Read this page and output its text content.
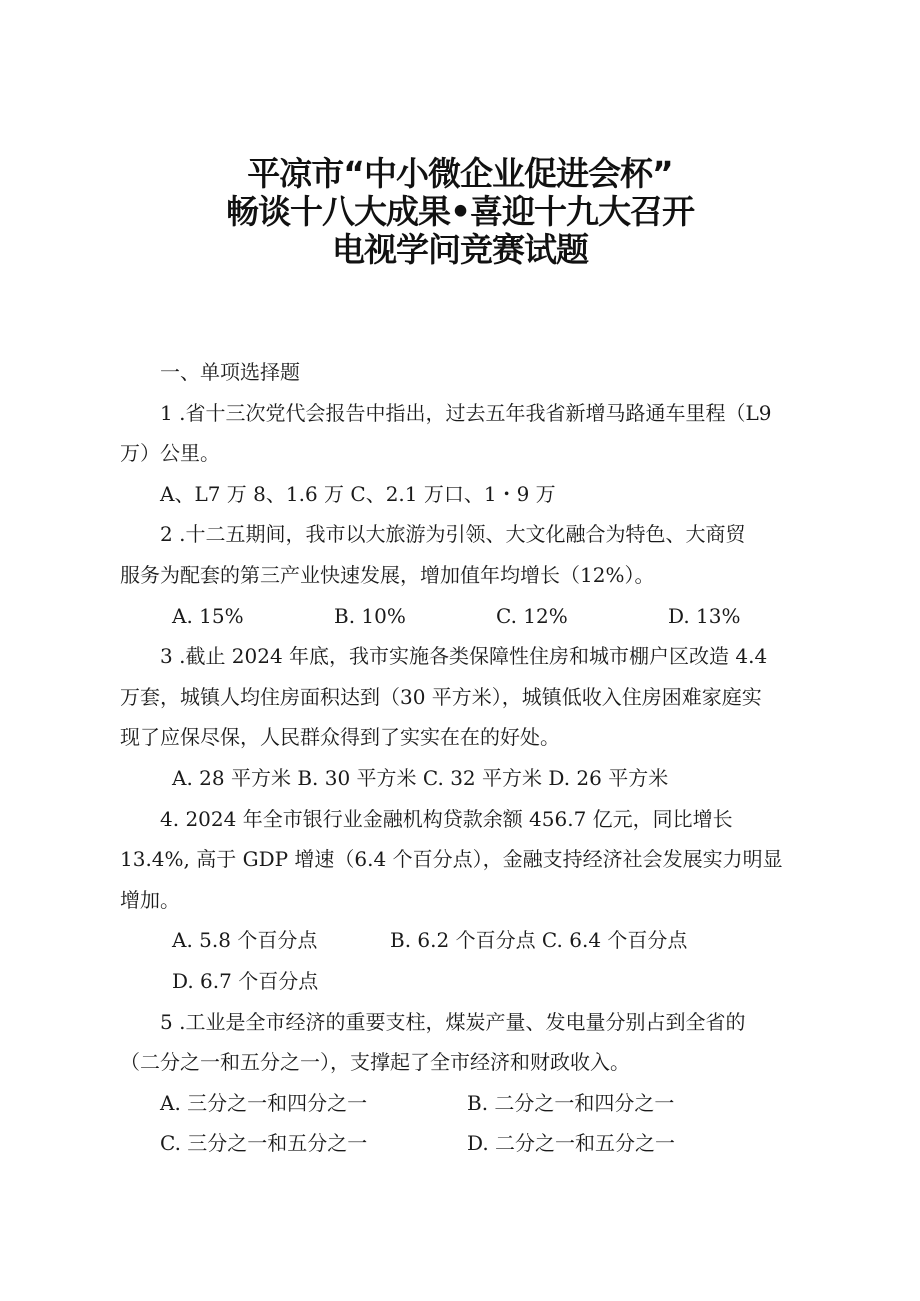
平凉市“中小微企业促进会杯”
畅谈十八大成果•喜迎十九大召开
电视学问竞赛试题
一、单项选择题
1 .省十三次党代会报告中指出，过去五年我省新增马路通车里程（L9
万）公里。
A、L7 万 8、1.6 万 C、2.1 万口、1・9 万
2 .十二五期间，我市以大旅游为引领、大文化融合为特色、大商贸
服务为配套的第三产业快速发展，增加值年均增长（12%）。
A. 15%	B. 10%	C. 12%	D. 13%
3 .截止 2024 年底，我市实施各类保障性住房和城市棚户区改造 4.4
万套，城镇人均住房面积达到（30 平方米），城镇低收入住房困难家庭实
现了应保尽保，人民群众得到了实实在在的好处。
A. 28 平方米 B. 30 平方米 C. 32 平方米 D. 26 平方米
4. 2024 年全市银行业金融机构贷款余额 456.7 亿元，同比增长
13.4%, 高于 GDP 增速（6.4 个百分点），金融支持经济社会发展实力明显
增加。
A. 5.8 个百分点	B. 6.2 个百分点 C. 6.4 个百分点
D. 6.7 个百分点
5 .工业是全市经济的重要支柱，煤炭产量、发电量分别占到全省的
（二分之一和五分之一），支撑起了全市经济和财政收入。
A. 三分之一和四分之一	B. 二分之一和四分之一
C. 三分之一和五分之一	D. 二分之一和五分之一
